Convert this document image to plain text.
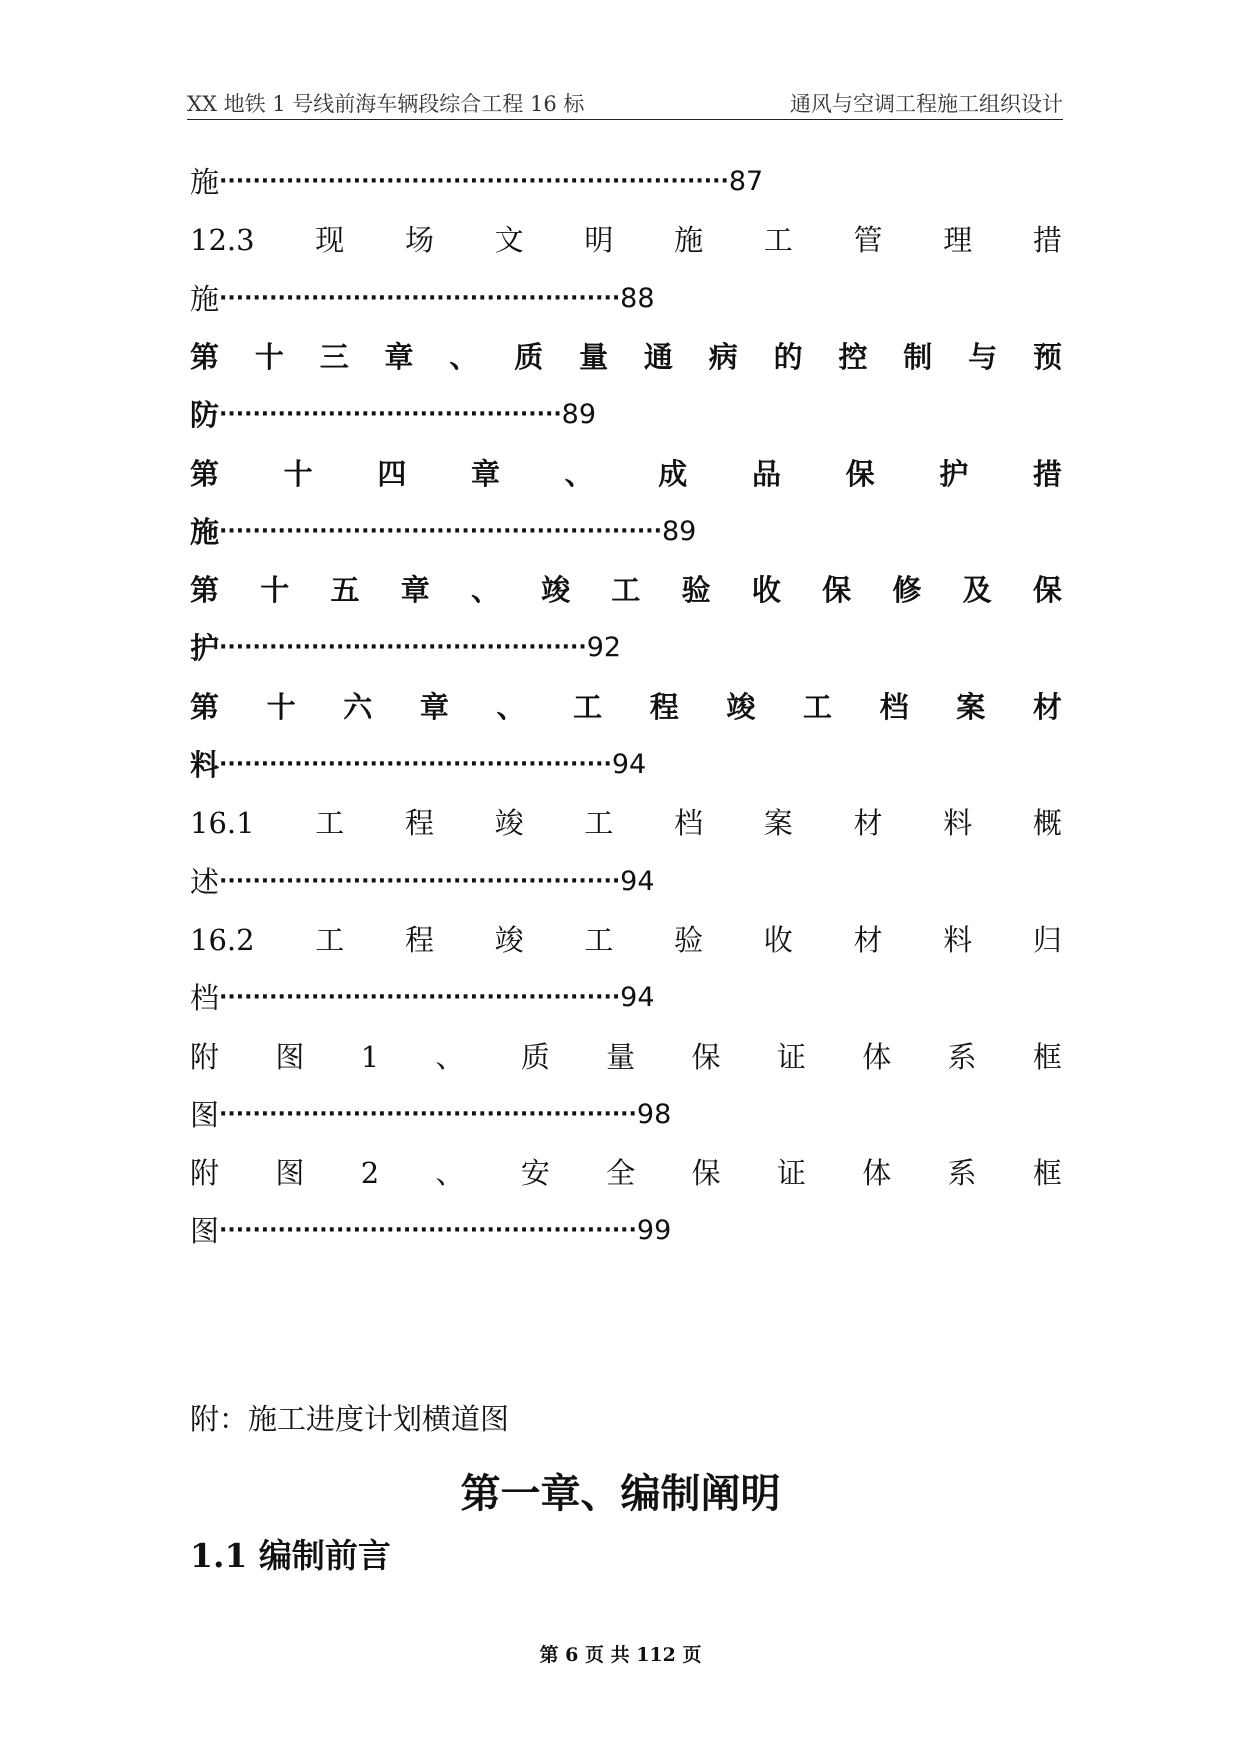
XX 地铁 1 号线前海车辆段综合工程 16 标	通风与空调工程施工组织设计
施 ····························································· 87
12.3 现 场 文 明 施 工 管 理 措
施 ················································ 88
第 十 三 章 、 质 量 通 病 的 控 制 与 预
防 ········································· 89
第 十 四 章 、 成 品 保 护 措
施 ····················································· 89
第 十 五 章 、 竣 工 验 收 保 修 及 保
护 ············································ 92
第 十 六 章 、 工 程 竣 工 档 案 材
料 ··············································· 94
16.1 工 程 竣 工 档 案 材 料 概
述 ················································ 94
16.2 工 程 竣 工 验 收 材 料 归
档 ················································ 94
附 图 1 、 质 量 保 证 体 系 框
图 ·················································· 98
附 图 2 、 安 全 保 证 体 系 框
图 ·················································· 99
附：施工进度计划横道图
第一章、编制阐明
1.1 编制前言
第 6 页 共 112 页
